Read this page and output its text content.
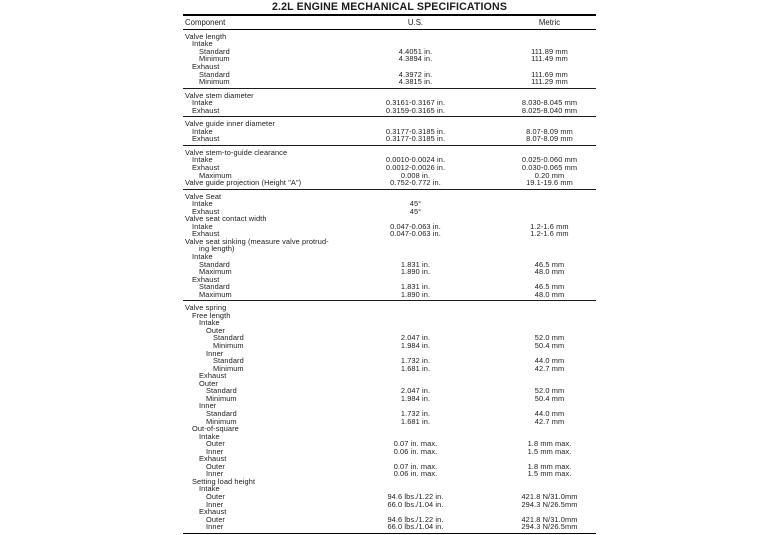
2.2L ENGINE MECHANICAL SPECIFICATIONS
Component	U.S.	Metric
Valve length
Intake
Standard	4.4051 in.	111.89 mm
Minimum	4.3894 in.	111.49 mm
Exhaust
Standard	4.3972 in.	111.69 mm
Minimum	4.3815 in.	111.29 mm
Valve stem diameter
Intake	0.3161-0.3167 in.	8.030-8.045 mm
Exhaust	0.3159-0.3165 in.	8.025-8.040 mm
Valve guide inner diameter
Intake	0.3177-0.3185 in.	8.07-8.09 mm
Exhaust	0.3177-0.3185 in.	8.07-8.09 mm
Valve stem-to-guide clearance
Intake	0.0010-0.0024 in.	0.025-0.060 mm
Exhaust	0.0012-0.0026 in.	0.030-0.065 mm
Maximum	0.008 in.	0.20 mm
Valve guide projection (Height "A")	0.752-0.772 in.	19.1-19.6 mm
Valve Seat
Intake	45°
Exhaust	45°
Valve seat contact width
Intake	0.047-0.063 in.	1.2-1.6 mm
Exhaust	0.047-0.063 in.	1.2-1.6 mm
Valve seat sinking (measure valve protrud-
ing length)
Intake
Standard	1.831 in.	46.5 mm
Maximum	1.890 in.	48.0 mm
Exhaust
Standard	1.831 in.	46.5 mm
Maximum	1.890 in.	48.0 mm
Valve spring
Free length
Intake
Outer
Standard	2.047 in.	52.0 mm
Minimum	1.984 in.	50.4 mm
Inner
Standard	1.732 in.	44.0 mm
Minimum	1.681 in.	42.7 mm
Exhaust
Outer
Standard	2.047 in.	52.0 mm
Minimum	1.984 in.	50.4 mm
Inner
Standard	1.732 in.	44.0 mm
Minimum	1.681 in.	42.7 mm
Out-of-square
Intake
Outer	0.07 in. max.	1.8 mm max.
Inner	0.06 in. max.	1.5 mm max.
Exhaust
Outer	0.07 in. max.	1.8 mm max.
Inner	0.06 in. max.	1.5 mm max.
Setting load height
Intake
Outer	94.6 lbs./1.22 in.	421.8 N/31.0mm
Inner	66.0 lbs./1.04 in.	294.3 N/26.5mm
Exhaust
Outer	94.6 lbs./1.22 in.	421.8 N/31.0mm
Inner	66.0 lbs./1.04 in.	294.3 N/26.5mm
